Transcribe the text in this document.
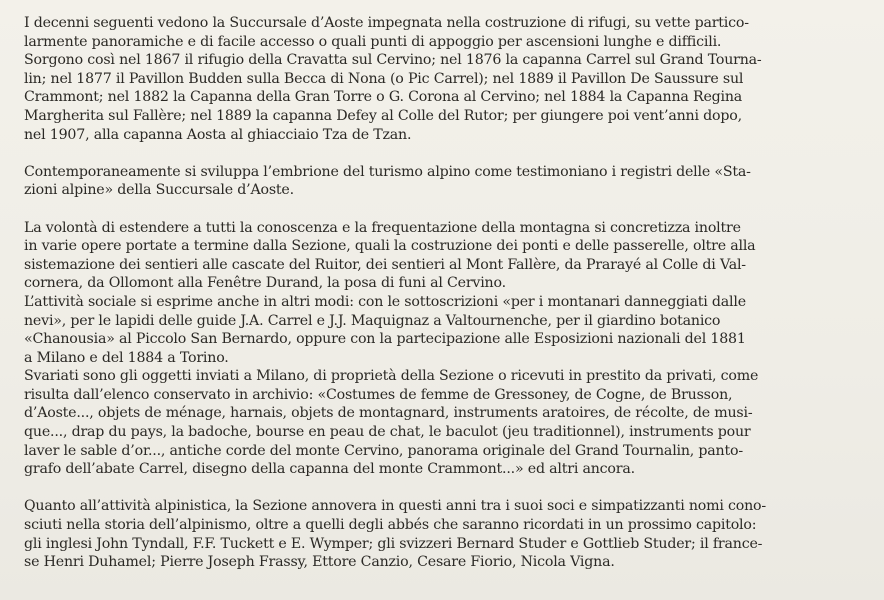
I decenni seguenti vedono la Succursale d’Aoste impegnata nella costruzione di rifugi, su vette partico-
larmente panoramiche e di facile accesso o quali punti di appoggio per ascensioni lunghe e difficili.
Sorgono così nel 1867 il rifugio della Cravatta sul Cervino; nel 1876 la capanna Carrel sul Grand Tourna-
lin; nel 1877 il Pavillon Budden sulla Becca di Nona (o Pic Carrel); nel 1889 il Pavillon De Saussure sul
Crammont; nel 1882 la Capanna della Gran Torre o G. Corona al Cervino; nel 1884 la Capanna Regina
Margherita sul Fallère; nel 1889 la capanna Defey al Colle del Rutor; per giungere poi vent’anni dopo,
nel 1907, alla capanna Aosta al ghiacciaio Tza de Tzan.
Contemporaneamente si sviluppa l’embrione del turismo alpino come testimoniano i registri delle «Sta-
zioni alpine» della Succursale d’Aoste.
La volontà di estendere a tutti la conoscenza e la frequentazione della montagna si concretizza inoltre
in varie opere portate a termine dalla Sezione, quali la costruzione dei ponti e delle passerelle, oltre alla
sistemazione dei sentieri alle cascate del Ruitor, dei sentieri al Mont Fallère, da Prarayé al Colle di Val-
cornera, da Ollomont alla Fenêtre Durand, la posa di funi al Cervino.
L’attività sociale si esprime anche in altri modi: con le sottoscrizioni «per i montanari danneggiati dalle
nevi», per le lapidi delle guide J.A. Carrel e J.J. Maquignaz a Valtournenche, per il giardino botanico
«Chanousia» al Piccolo San Bernardo, oppure con la partecipazione alle Esposizioni nazionali del 1881
a Milano e del 1884 a Torino.
Svariati sono gli oggetti inviati a Milano, di proprietà della Sezione o ricevuti in prestito da privati, come
risulta dall’elenco conservato in archivio: «Costumes de femme de Gressoney, de Cogne, de Brusson,
d’Aoste..., objets de ménage, harnais, objets de montagnard, instruments aratoires, de récolte, de musi-
que..., drap du pays, la badoche, bourse en peau de chat, le baculot (jeu traditionnel), instruments pour
laver le sable d’or..., antiche corde del monte Cervino, panorama originale del Grand Tournalin, panto-
grafo dell’abate Carrel, disegno della capanna del monte Crammont...» ed altri ancora.
Quanto all’attività alpinistica, la Sezione annovera in questi anni tra i suoi soci e simpatizzanti nomi cono-
sciuti nella storia dell’alpinismo, oltre a quelli degli abbés che saranno ricordati in un prossimo capitolo:
gli inglesi John Tyndall, F.F. Tuckett e E. Wymper; gli svizzeri Bernard Studer e Gottlieb Studer; il france-
se Henri Duhamel; Pierre Joseph Frassy, Ettore Canzio, Cesare Fiorio, Nicola Vigna.
